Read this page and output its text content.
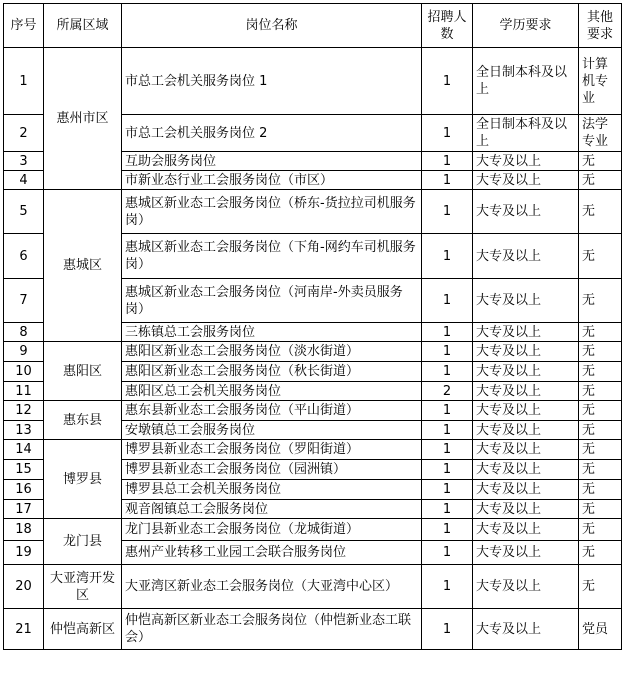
序号	所属区域	岗位名称	招聘人数	学历要求	其他要求
1	惠州市区	市总工会机关服务岗位 1	1	全日制本科及以上	计算机专业
2		市总工会机关服务岗位 2	1	全日制本科及以上	法学专业
3		互助会服务岗位	1	大专及以上	无
4		市新业态行业工会服务岗位（市区）	1	大专及以上	无
5	惠城区	惠城区新业态工会服务岗位（桥东-货拉拉司机服务岗）	1	大专及以上	无
6		惠城区新业态工会服务岗位（下角-网约车司机服务岗）	1	大专及以上	无
7		惠城区新业态工会服务岗位（河南岸-外卖员服务岗）	1	大专及以上	无
8		三栋镇总工会服务岗位	1	大专及以上	无
9	惠阳区	惠阳区新业态工会服务岗位（淡水街道）	1	大专及以上	无
10		惠阳区新业态工会服务岗位（秋长街道）	1	大专及以上	无
11		惠阳区总工会机关服务岗位	2	大专及以上	无
12	惠东县	惠东县新业态工会服务岗位（平山街道）	1	大专及以上	无
13		安墩镇总工会服务岗位	1	大专及以上	无
14	博罗县	博罗县新业态工会服务岗位（罗阳街道）	1	大专及以上	无
15		博罗县新业态工会服务岗位（园洲镇）	1	大专及以上	无
16		博罗县总工会机关服务岗位	1	大专及以上	无
17		观音阁镇总工会服务岗位	1	大专及以上	无
18	龙门县	龙门县新业态工会服务岗位（龙城街道）	1	大专及以上	无
19		惠州产业转移工业园工会联合服务岗位	1	大专及以上	无
20	大亚湾开发区	大亚湾区新业态工会服务岗位（大亚湾中心区）	1	大专及以上	无
21	仲恺高新区	仲恺高新区新业态工会服务岗位（仲恺新业态工联会）	1	大专及以上	党员
